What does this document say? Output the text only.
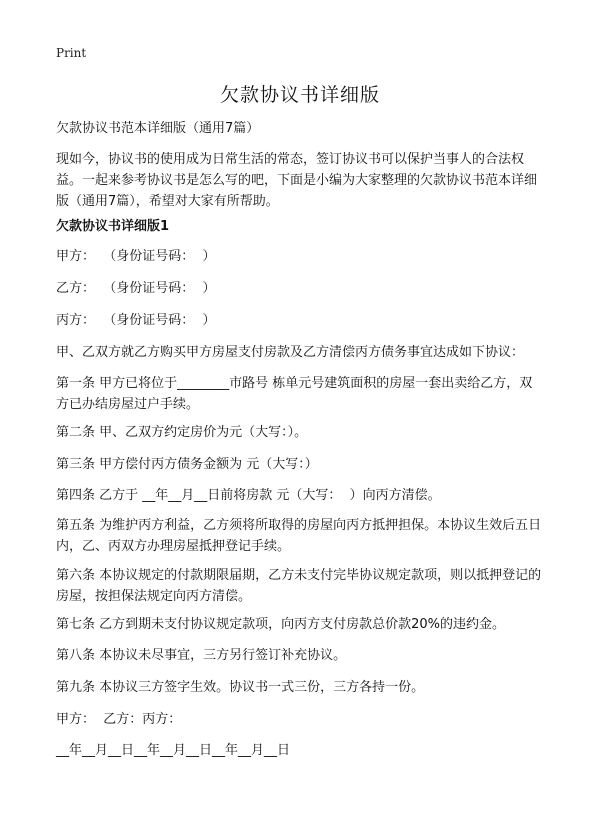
Print
欠款协议书详细版

欠款协议书范本详细版（通用7篇）

现如今，协议书的使用成为日常生活的常态，签订协议书可以保护当事人的合法权益。一起来参考协议书是怎么写的吧，下面是小编为大家整理的欠款协议书范本详细版（通用7篇），希望对大家有所帮助。

欠款协议书详细版1

甲方：  （身份证号码：  ）

乙方：  （身份证号码：  ）

丙方：  （身份证号码：  ）

甲、乙双方就乙方购买甲方房屋支付房款及乙方清偿丙方债务事宜达成如下协议：

第一条 甲方已将位于________市路号 栋单元号建筑面积的房屋一套出卖给乙方，双方已办结房屋过户手续。

第二条 甲、乙双方约定房价为元（大写：）。

第三条 甲方偿付丙方债务金额为 元（大写：）

第四条 乙方于 __年__月__日前将房款 元（大写：  ）向丙方清偿。

第五条 为维护丙方利益，乙方须将所取得的房屋向丙方抵押担保。本协议生效后五日内，乙、丙双方办理房屋抵押登记手续。

第六条 本协议规定的付款期限届期，乙方未支付完毕协议规定款项，则以抵押登记的房屋，按担保法规定向丙方清偿。

第七条 乙方到期未支付协议规定款项，向丙方支付房款总价款20%的违约金。

第八条 本协议未尽事宜，三方另行签订补充协议。

第九条 本协议三方签字生效。协议书一式三份，三方各持一份。

甲方：  乙方：丙方：

__年__月__日__年__月__日__年__月__日
